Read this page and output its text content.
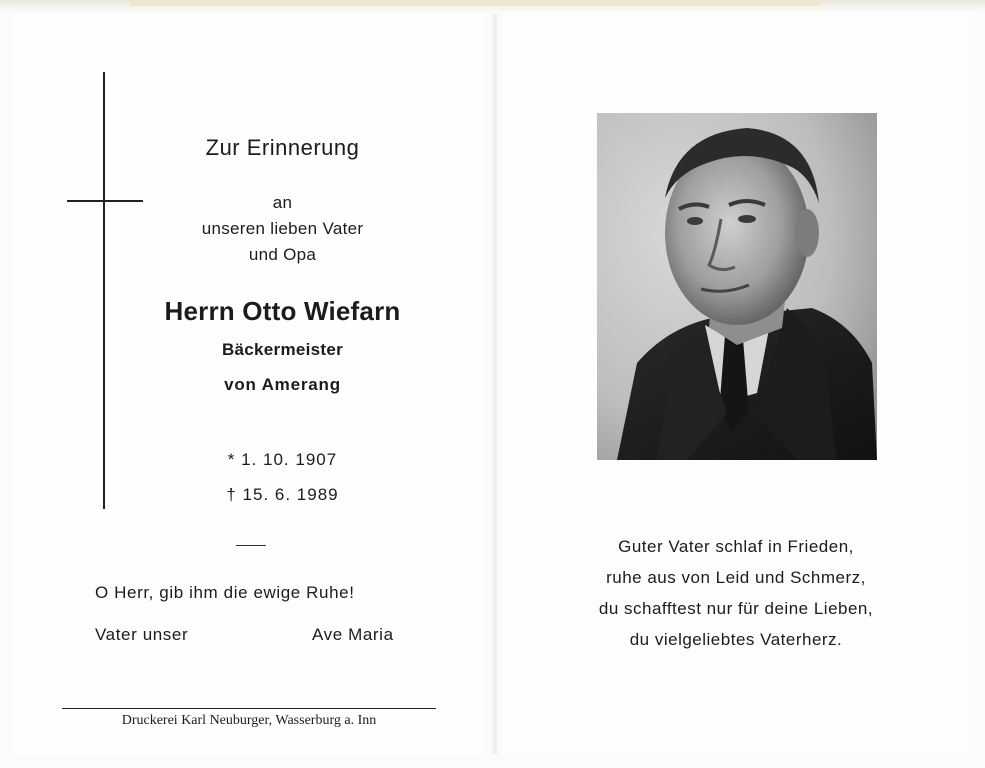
Zur Erinnerung

an

unseren lieben Vater

und Opa

Herrn Otto Wiefarn

Bäckermeister

von Amerang

* 1. 10. 1907

† 15. 6. 1989

O Herr, gib ihm die ewige Ruhe!
Vater unser	Ave Maria
Druckerei Karl Neuburger, Wasserburg a. Inn
Guter Vater schlaf in Frieden,
ruhe aus von Leid und Schmerz,
du schafftest nur für deine Lieben,
du vielgeliebtes Vaterherz.
